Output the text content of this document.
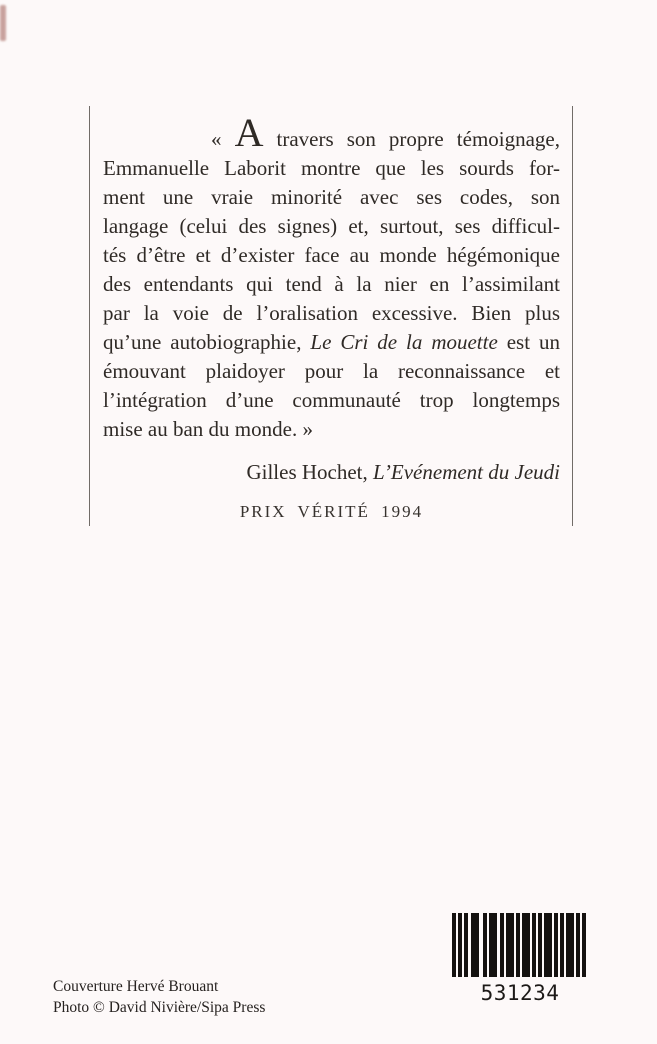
« A travers son propre témoignage,
Emmanuelle Laborit montre que les sourds for-
ment une vraie minorité avec ses codes, son
langage (celui des signes) et, surtout, ses difficul-
tés d’être et d’exister face au monde hégémonique
des entendants qui tend à la nier en l’assimilant
par la voie de l’oralisation excessive. Bien plus
qu’une autobiographie, Le Cri de la mouette est un
émouvant plaidoyer pour la reconnaissance et
l’intégration d’une communauté trop longtemps
mise au ban du monde. »
Gilles Hochet, L’Evénement du Jeudi
PRIX VÉRITÉ 1994
531234
Couverture Hervé Brouant
Photo © David Nivière/Sipa Press
